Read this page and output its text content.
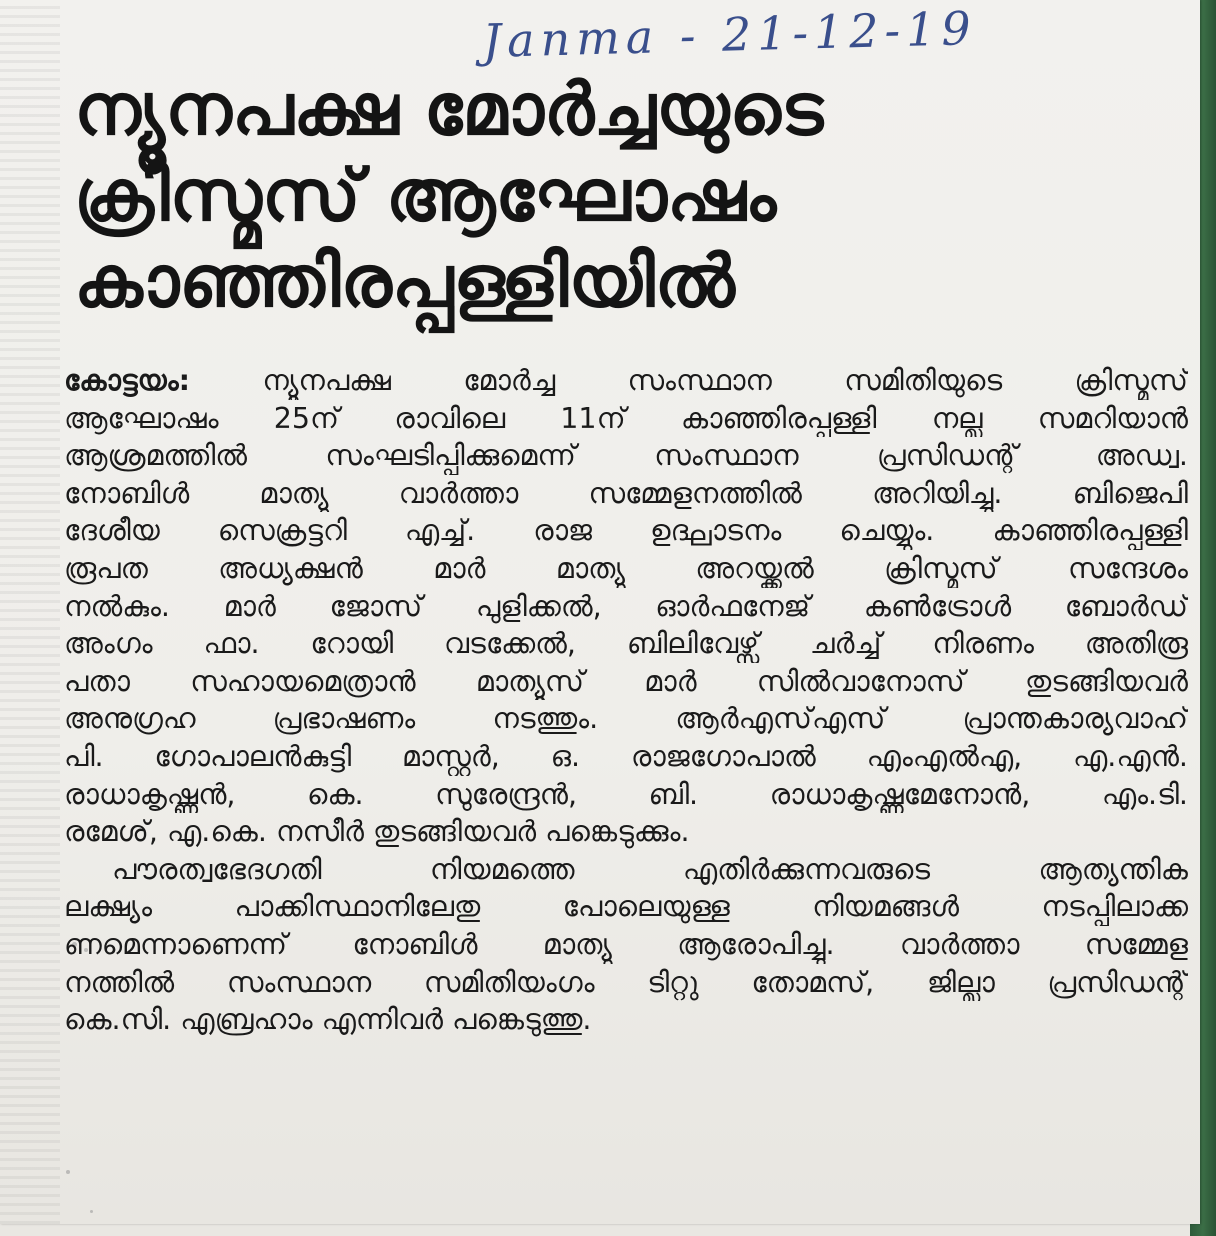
Janma - 21-12-19
ന്യൂനപക്ഷ മോർച്ചയുടെ
ക്രിസ്മസ് ആഘോഷം
കാഞ്ഞിരപ്പള്ളിയിൽ
കോട്ടയം: ന്യൂനപക്ഷ മോർച്ച സംസ്ഥാന സമിതിയുടെ ക്രിസ്മസ്
ആഘോഷം 25ന് രാവിലെ 11ന് കാഞ്ഞിരപ്പള്ളി നല്ല സമറിയാൻ
ആശ്രമത്തിൽ സംഘടിപ്പിക്കുമെന്ന് സംസ്ഥാന പ്രസിഡന്റ് അഡ്വ.
നോബിൾ മാത്യു വാർത്താ സമ്മേളനത്തിൽ അറിയിച്ചു. ബിജെപി
ദേശീയ സെക്രട്ടറി എച്ച്. രാജ ഉദ്ഘാടനം ചെയ്യും. കാഞ്ഞിരപ്പള്ളി
രൂപത അധ്യക്ഷൻ മാർ മാത്യു അറയ്ക്കൽ ക്രിസ്മസ് സന്ദേശം
നൽകും. മാർ ജോസ് പുളിക്കൽ, ഓർഫനേജ് കൺട്രോൾ ബോർഡ്
അംഗം ഫാ. റോയി വടക്കേൽ, ബിലിവേഴ്സ് ചർച്ച് നിരണം അതിരൂ
പതാ സഹായമെത്രാൻ മാത്യൂസ് മാർ സിൽവാനോസ് തുടങ്ങിയവർ
അനുഗ്രഹ പ്രഭാഷണം നടത്തും. ആർഎസ്എസ് പ്രാന്തകാര്യവാഹ്
പി. ഗോപാലൻകുട്ടി മാസ്റ്റർ, ഒ. രാജഗോപാൽ എംഎൽഎ, എ.എൻ.
രാധാകൃഷ്ണൻ, കെ. സുരേന്ദ്രൻ, ബി. രാധാകൃഷ്ണമേനോൻ, എം.ടി.
രമേശ്, എ.കെ. നസീർ തുടങ്ങിയവർ പങ്കെടുക്കും.
പൗരത്വഭേദഗതി നിയമത്തെ എതിർക്കുന്നവരുടെ ആത്യന്തിക
ലക്ഷ്യം പാക്കിസ്ഥാനിലേതു പോലെയുള്ള നിയമങ്ങൾ നടപ്പിലാക്ക
ണമെന്നാണെന്ന് നോബിൾ മാത്യു ആരോപിച്ചു. വാർത്താ സമ്മേള
നത്തിൽ സംസ്ഥാന സമിതിയംഗം ടിറ്റു തോമസ്, ജില്ലാ പ്രസിഡന്റ്
കെ.സി. എബ്രഹാം എന്നിവർ പങ്കെടുത്തു.
